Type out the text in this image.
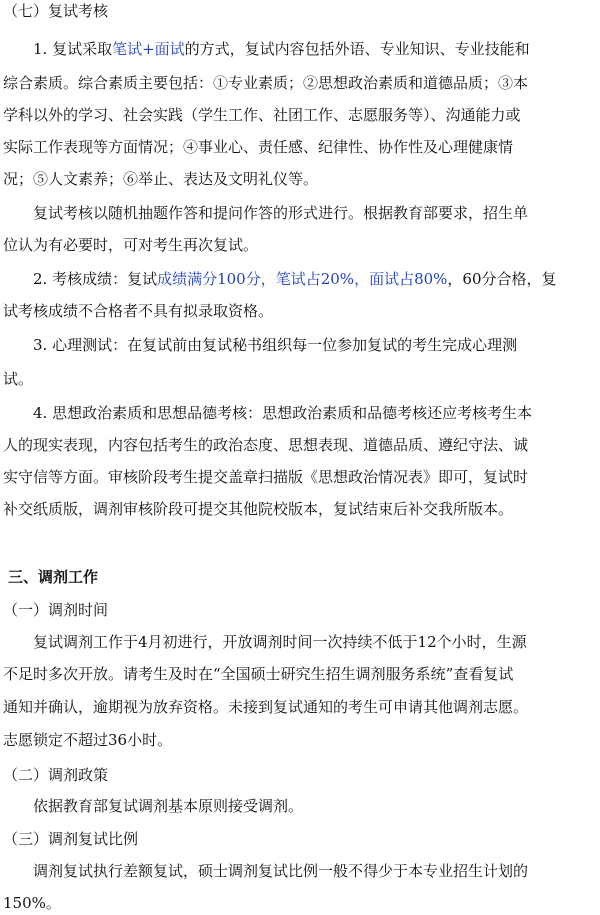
（七）复试考核
1. 复试采取笔试+面试的方式，复试内容包括外语、专业知识、专业技能和
综合素质。综合素质主要包括：①专业素质；②思想政治素质和道德品质；③本
学科以外的学习、社会实践（学生工作、社团工作、志愿服务等）、沟通能力或
实际工作表现等方面情况；④事业心、责任感、纪律性、协作性及心理健康情
况；⑤人文素养；⑥举止、表达及文明礼仪等。
复试考核以随机抽题作答和提问作答的形式进行。根据教育部要求，招生单
位认为有必要时，可对考生再次复试。
2. 考核成绩：复试成绩满分100分，笔试占20%，面试占80%，60分合格，复
试考核成绩不合格者不具有拟录取资格。
3. 心理测试：在复试前由复试秘书组织每一位参加复试的考生完成心理测
试。
4. 思想政治素质和思想品德考核：思想政治素质和品德考核还应考核考生本
人的现实表现，内容包括考生的政治态度、思想表现、道德品质、遵纪守法、诚
实守信等方面。审核阶段考生提交盖章扫描版《思想政治情况表》即可，复试时
补交纸质版，调剂审核阶段可提交其他院校版本，复试结束后补交我所版本。
三、调剂工作
（一）调剂时间
复试调剂工作于4月初进行，开放调剂时间一次持续不低于12个小时，生源
不足时多次开放。请考生及时在“全国硕士研究生招生调剂服务系统”查看复试
通知并确认，逾期视为放弃资格。未接到复试通知的考生可申请其他调剂志愿。
志愿锁定不超过36小时。
（二）调剂政策
依据教育部复试调剂基本原则接受调剂。
（三）调剂复试比例
调剂复试执行差额复试，硕士调剂复试比例一般不得少于本专业招生计划的
150%。
